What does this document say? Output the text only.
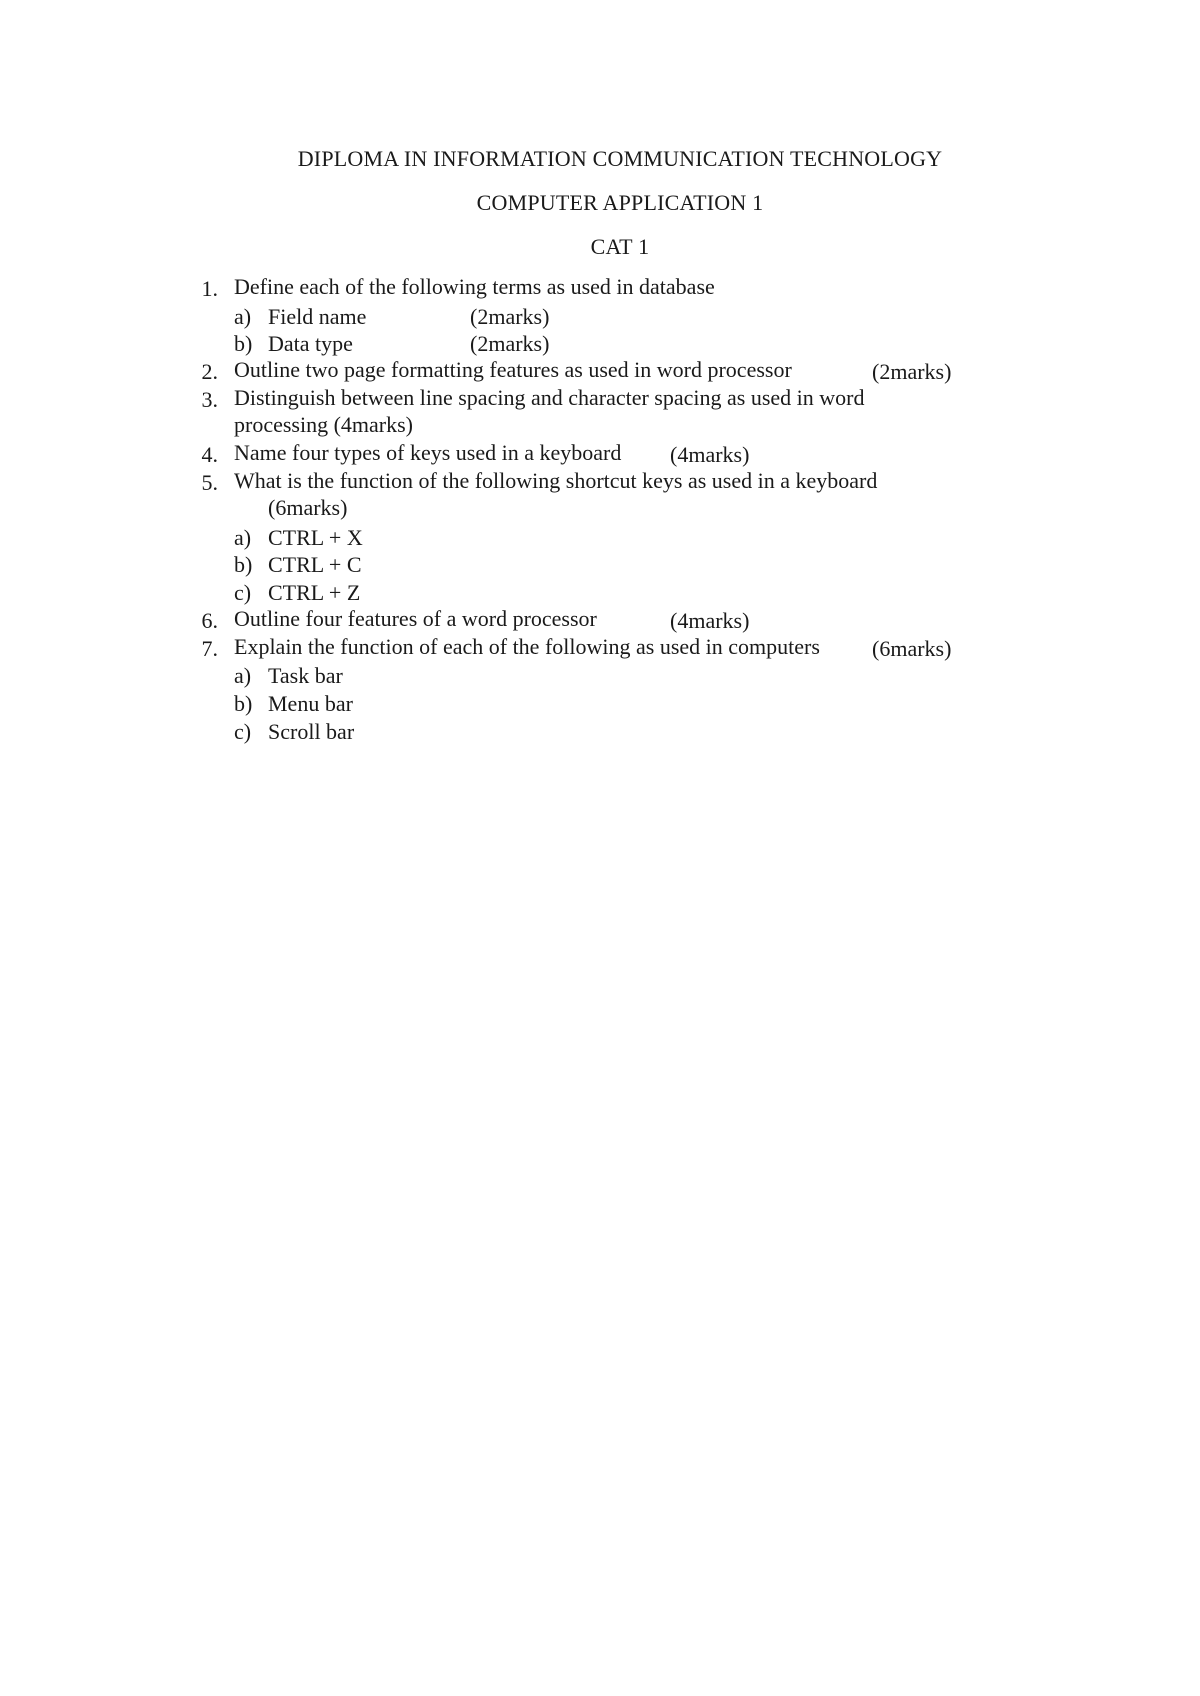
DIPLOMA IN INFORMATION COMMUNICATION TECHNOLOGY
COMPUTER APPLICATION 1
CAT 1
1. Define each of the following terms as used in database
a) Field name	(2marks)
b) Data type	(2marks)
2. Outline two page formatting features as used in word processor	(2marks)
3. Distinguish between line spacing and character spacing as used in word
processing (4marks)
4. Name four types of keys used in a keyboard (4marks)
5. What is the function of the following shortcut keys as used in a keyboard
(6marks)
a) CTRL + X
b) CTRL + C
c) CTRL + Z
6. Outline four features of a word processor	(4marks)
7. Explain the function of each of the following as used in computers (6marks)
a) Task bar
b) Menu bar
c) Scroll bar
